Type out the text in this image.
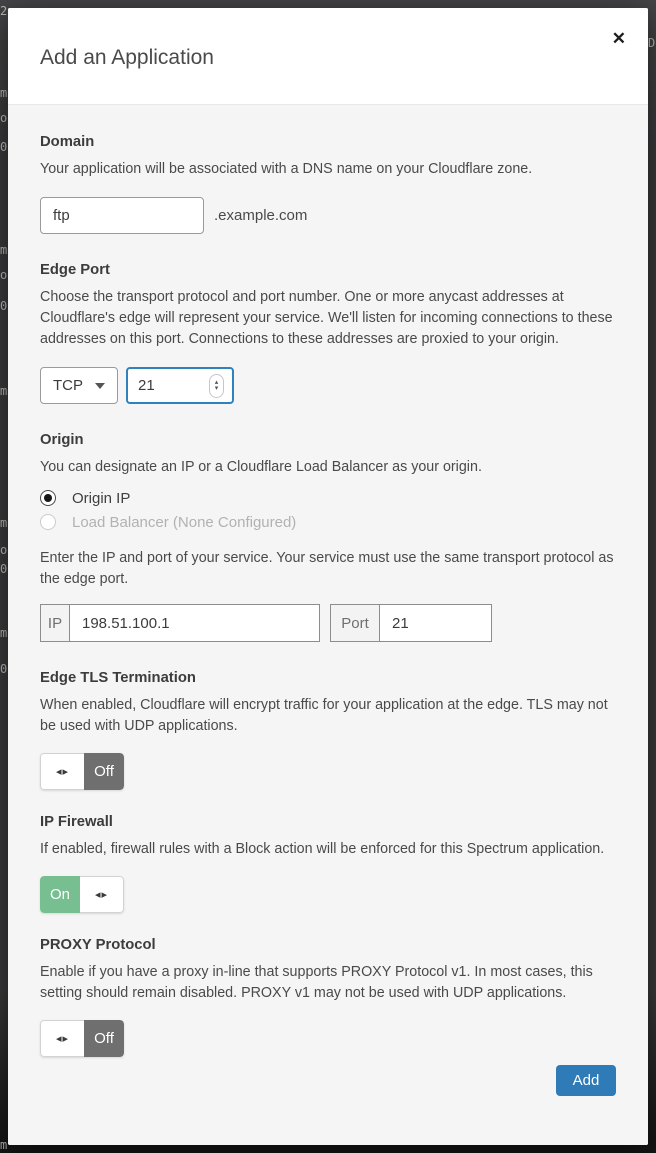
2
m
o
0
m
o
0
m
m
o
0
m
0
D
m
Add an Application
✕
Domain
Your application will be associated with a DNS name on your Cloudflare zone.
ftp
.example.com
Edge Port
Choose the transport protocol and port number. One or more anycast addresses at Cloudflare's edge will represent your service. We'll listen for incoming connections to these addresses on this port. Connections to these addresses are proxied to your origin.
TCP
21	▴
▾
Origin
You can designate an IP or a Cloudflare Load Balancer as your origin.
Origin IP
Load Balancer (None Configured)
Enter the IP and port of your service. Your service must use the same transport protocol as the edge port.
IP
198.51.100.1	Port
21
Edge TLS Termination
When enabled, Cloudflare will encrypt traffic for your application at the edge. TLS may not be used with UDP applications.
◂▸	Off
IP Firewall
If enabled, firewall rules with a Block action will be enforced for this Spectrum application.
On	◂▸
PROXY Protocol
Enable if you have a proxy in-line that supports PROXY Protocol v1. In most cases, this setting should remain disabled. PROXY v1 may not be used with UDP applications.
◂▸	Off
Add
